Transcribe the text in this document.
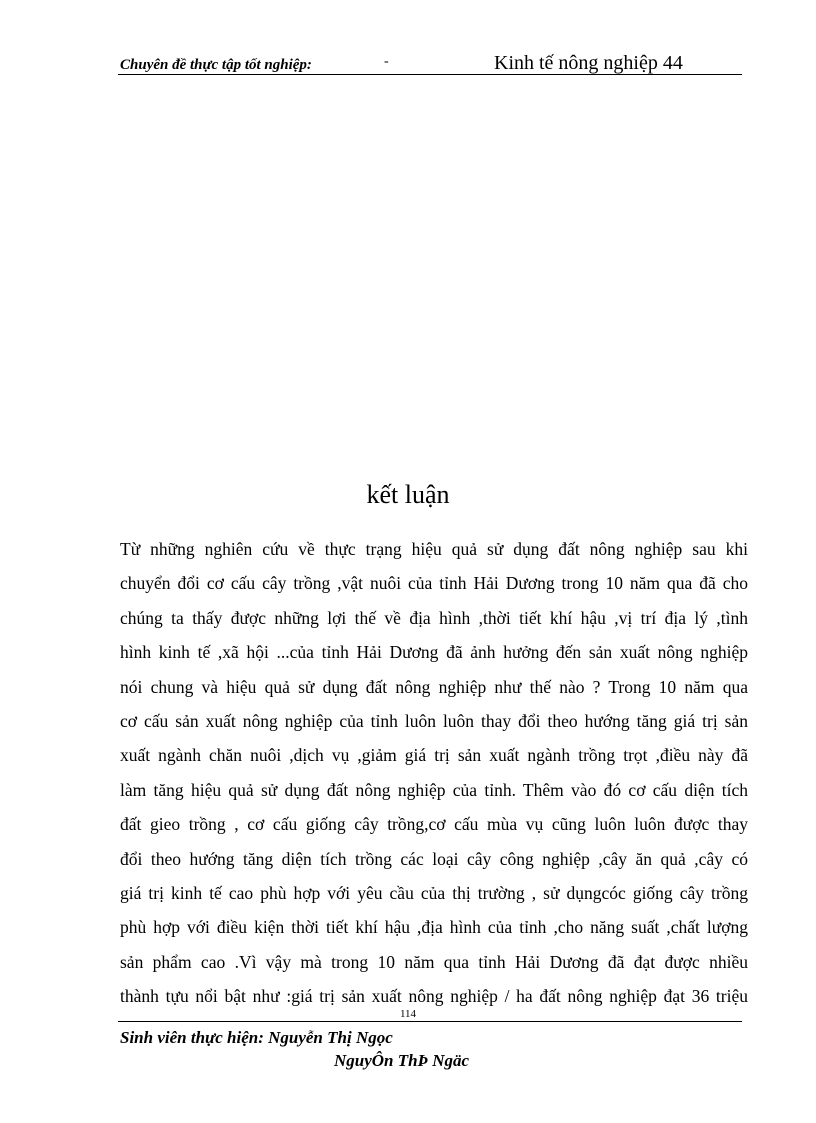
Chuyên đề thực tập tốt nghiệp:	-	Kinh tế nông nghiệp 44
kết luận
Từ những nghiên cứu về thực trạng hiệu quả sử dụng đất nông nghiệp sau khi
chuyển đổi cơ cấu cây trồng ,vật nuôi của tỉnh Hải Dương trong 10 năm qua đã cho
chúng ta thấy được những lợi thế về địa hình ,thời tiết khí hậu ,vị trí địa lý ,tình
hình kinh tế ,xã hội ...của tỉnh Hải Dương đã ảnh hưởng đến sản xuất nông nghiệp
nói chung và hiệu quả sử dụng đất nông nghiệp như thế nào ? Trong 10 năm qua
cơ cấu sản xuất nông nghiệp của tỉnh luôn luôn thay đổi theo hướng tăng giá trị sản
xuất ngành chăn nuôi ,dịch vụ ,giảm giá trị sản xuất ngành trồng trọt ,điều này đã
làm tăng hiệu quả sử dụng đất nông nghiệp của tỉnh. Thêm vào đó cơ cấu diện tích
đất gieo trồng , cơ cấu giống cây trồng,cơ cấu mùa vụ cũng luôn luôn được thay
đổi theo hướng tăng diện tích trồng các loại cây công nghiệp ,cây ăn quả ,cây có
giá trị kinh tế cao phù hợp với yêu cầu của thị trường , sử dụngcóc giống cây trồng
phù hợp với điều kiện thời tiết khí hậu ,địa hình của tỉnh ,cho năng suất ,chất lượng
sản phẩm cao .Vì vậy mà trong 10 năm qua tỉnh Hải Dương đã đạt được nhiều
thành tựu nổi bật như :giá trị sản xuất nông nghiệp / ha đất nông nghiệp đạt 36 triệu
114
Sinh viên thực hiện: Nguyễn Thị Ngọc
NguyÔn ThÞ Ngäc
